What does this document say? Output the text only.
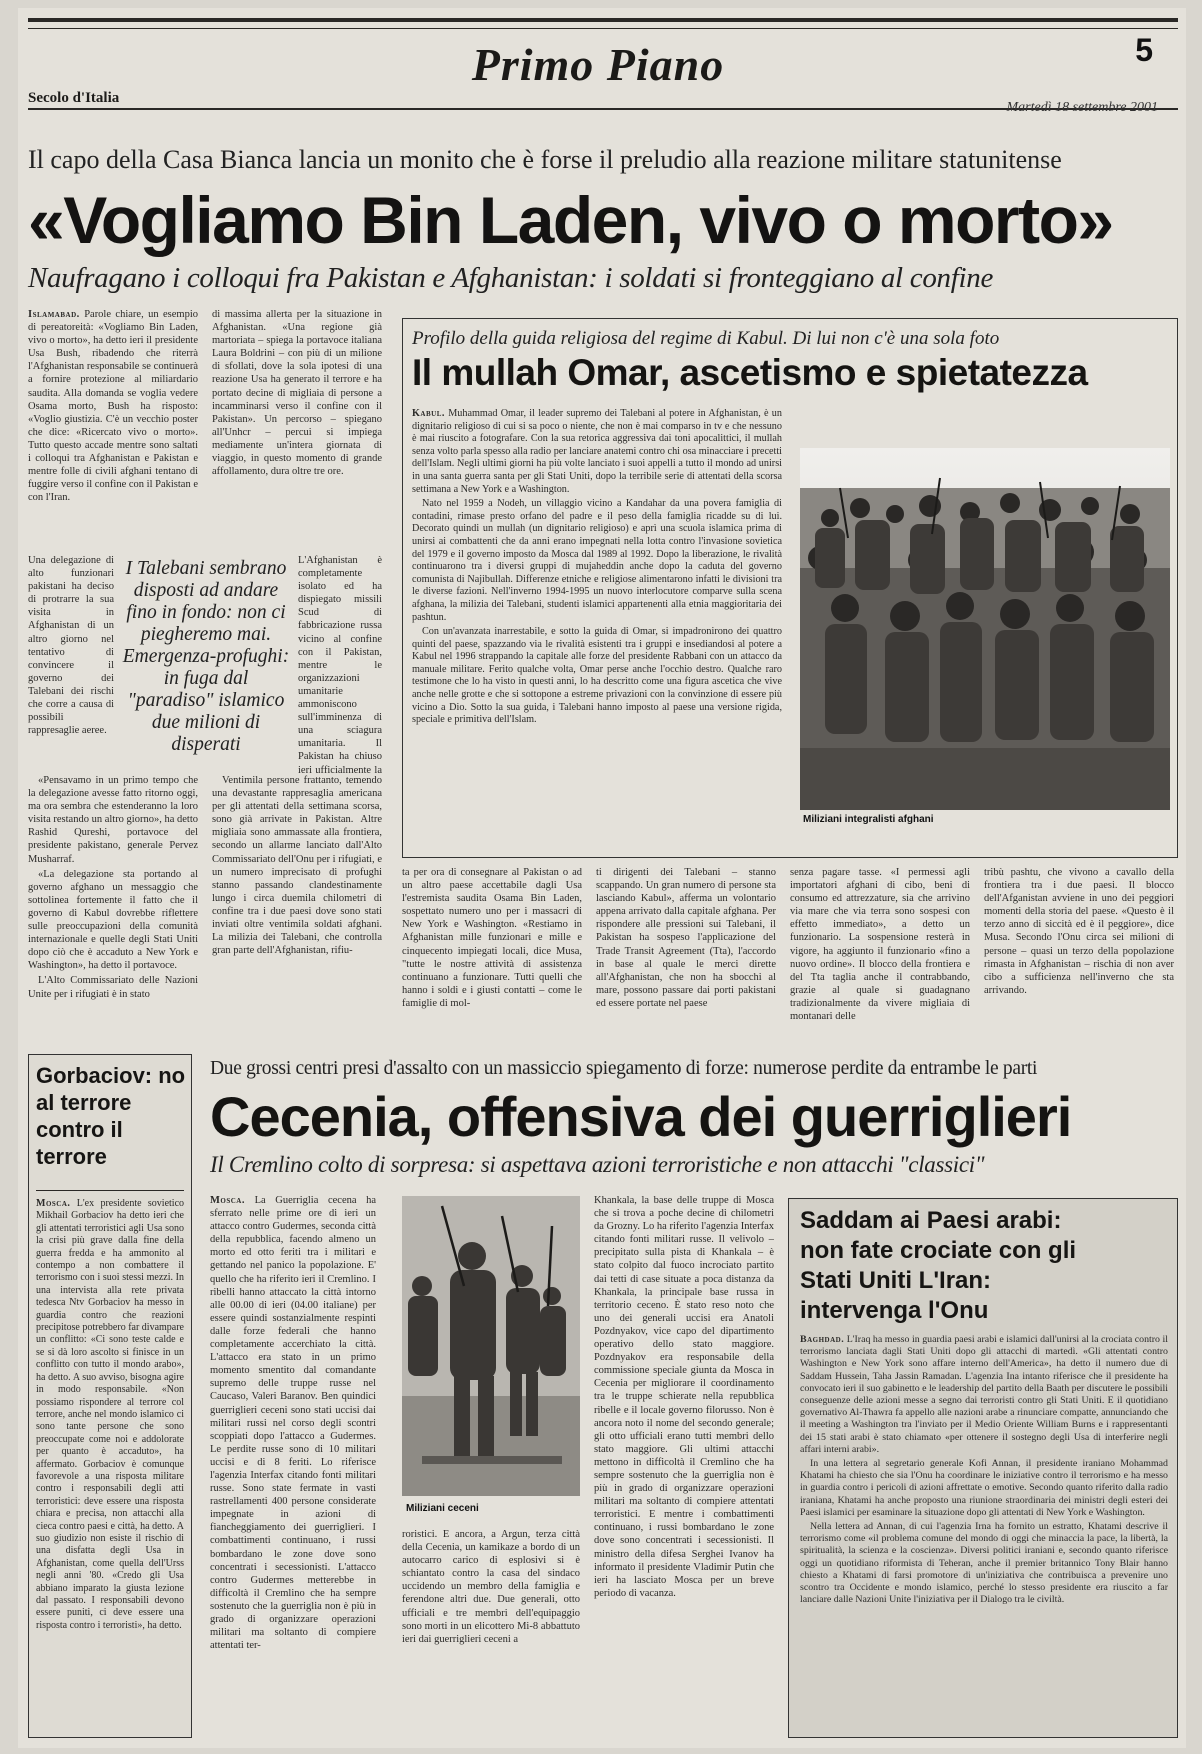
Primo Piano	5
Secolo d'Italia
Martedì 18 settembre 2001
Il capo della Casa Bianca lancia un monito che è forse il preludio alla reazione militare statunitense
«Vogliamo Bin Laden, vivo o morto»
Naufragano i colloqui fra Pakistan e Afghanistan: i soldati si fronteggiano al confine

Islamabad. Parole chiare, un esempio di pereatoreità: «Vogliamo Bin Laden, vivo o morto», ha detto ieri il presidente Usa Bush, ribadendo che riterrà l'Afghanistan responsabile se continuerà a fornire protezione al miliardario saudita. Alla domanda se voglia vedere Osama morto, Bush ha risposto: «Voglio giustizia. C'è un vecchio poster che dice: «Ricercato vivo o morto». Tutto questo accade mentre sono saltati i colloqui tra Afghanistan e Pakistan e mentre folle di civili afghani tentano di fuggire verso il confine con il Pakistan e con l'Iran.

Una delegazione di alto funzionari pakistani ha deciso di protrarre la sua visita in Afghanistan di un altro giorno nel tentativo di convincere il governo dei Talebani dei rischi che corre a causa di possibili rappresaglie aeree.

«Pensavamo in un primo tempo che la delegazione avesse fatto ritorno oggi, ma ora sembra che estenderanno la loro visita restando un altro giorno», ha detto Rashid Qureshi, portavoce del presidente pakistano, generale Pervez Musharraf.

«La delegazione sta portando al governo afghano un messaggio che sottolinea fortemente il fatto che il governo di Kabul dovrebbe riflettere sulle preoccupazioni della comunità internazionale e quelle degli Stati Uniti dopo ciò che è accaduto a New York e Washington», ha detto il portavoce.

L'Alto Commissariato delle Nazioni Unite per i rifugiati è in stato

di massima allerta per la situazione in Afghanistan. «Una regione già martoriata – spiega la portavoce italiana Laura Boldrini – con più di un milione di sfollati, dove la sola ipotesi di una reazione Usa ha generato il terrore e ha portato decine di migliaia di persone a incamminarsi verso il confine con il Pakistan». Un percorso – spiegano all'Unhcr – percui si impiega mediamente un'intera giornata di viaggio, in questo momento di grande affollamento, dura oltre tre ore.

L'Afghanistan è completamente isolato ed ha dispiegato missili Scud di fabbricazione russa vicino al confine con il Pakistan, mentre le organizzazioni umanitarie ammoniscono sull'imminenza di una sciagura umanitaria. Il Pakistan ha chiuso ieri ufficialmente la

Ventimila persone frattanto, temendo una devastante rappresaglia americana per gli attentati della settimana scorsa, sono già arrivate in Pakistan. Altre migliaia sono ammassate alla frontiera, secondo un allarme lanciato dall'Alto Commissariato dell'Onu per i rifugiati, e un numero imprecisato di profughi stanno passando clandestinamente lungo i circa duemila chilometri di confine tra i due paesi dove sono stati inviati oltre ventimila soldati afghani. La milizia dei Talebani, che controlla gran parte dell'Afghanistan, rifiu-

I Talebani sembrano disposti ad andare fino in fondo: non ci piegheremo mai. Emergenza-profughi: in fuga dal "paradiso" islamico due milioni di disperati
Profilo della guida religiosa del regime di Kabul. Di lui non c'è una sola foto
Il mullah Omar, ascetismo e spietatezza

Kabul. Muhammad Omar, il leader supremo dei Talebani al potere in Afghanistan, è un dignitario religioso di cui si sa poco o niente, che non è mai comparso in tv e che nessuno è mai riuscito a fotografare. Con la sua retorica aggressiva dai toni apocalittici, il mullah senza volto parla spesso alla radio per lanciare anatemi contro chi osa minacciare i precetti dell'Islam. Negli ultimi giorni ha più volte lanciato i suoi appelli a tutto il mondo ad unirsi in una santa guerra santa per gli Stati Uniti, dopo la terribile serie di attentati della scorsa settimana a New York e a Washington.

Nato nel 1959 a Nodeh, un villaggio vicino a Kandahar da una povera famiglia di contadini, rimase presto orfano del padre e il peso della famiglia ricadde su di lui. Decorato quindi un mullah (un dignitario religioso) e aprì una scuola islamica prima di unirsi ai combattenti che da anni erano impegnati nella lotta contro l'invasione sovietica del 1979 e il governo imposto da Mosca dal 1989 al 1992. Dopo la liberazione, le rivalità continuarono tra i diversi gruppi di mujaheddin anche dopo la caduta del governo comunista di Najibullah. Differenze etniche e religiose alimentarono infatti le divisioni tra le diverse fazioni. Nell'inverno 1994-1995 un nuovo interlocutore comparve sulla scena afghana, la milizia dei Talebani, studenti islamici appartenenti alla etnia maggioritaria dei pashtun.

Con un'avanzata inarrestabile, e sotto la guida di Omar, si impadronirono dei quattro quinti del paese, spazzando via le rivalità esistenti tra i gruppi e insediandosi al potere a Kabul nel 1996 strappando la capitale alle forze del presidente Rabbani con un attacco da manuale militare. Ferito qualche volta, Omar perse anche l'occhio destro. Qualche raro testimone che lo ha visto in questi anni, lo ha descritto come una figura ascetica che vive anche nelle grotte e che si sottopone a estreme privazioni con la convinzione di essere più vicino a Dio. Sotto la sua guida, i Talebani hanno imposto al paese una versione rigida, speciale e primitiva dell'Islam.

Miliziani integralisti afghani

ta per ora di consegnare al Pakistan o ad un altro paese accettabile dagli Usa l'estremista saudita Osama Bin Laden, sospettato numero uno per i massacri di New York e Washington. «Restiamo in Afghanistan mille funzionari e mille e cinquecento impiegati locali, dice Musa, "tutte le nostre attività di assistenza continuano a funzionare. Tutti quelli che hanno i soldi e i giusti contatti – come le famiglie di mol-

ti dirigenti dei Talebani – stanno scappando. Un gran numero di persone sta lasciando Kabul», afferma un volontario appena arrivato dalla capitale afghana. Per rispondere alle pressioni sui Talebani, il Pakistan ha sospeso l'applicazione del Trade Transit Agreement (Tta), l'accordo in base al quale le merci dirette all'Afghanistan, che non ha sbocchi al mare, possono passare dai porti pakistani ed essere portate nel paese

senza pagare tasse. «I permessi agli importatori afghani di cibo, beni di consumo ed attrezzature, sia che arrivino via mare che via terra sono sospesi con effetto immediato», a detto un funzionario. La sospensione resterà in vigore, ha aggiunto il funzionario «fino a nuovo ordine». Il blocco della frontiera e del Tta taglia anche il contrabbando, grazie al quale si guadagnano tradizionalmente da vivere migliaia di montanari delle

tribù pashtu, che vivono a cavallo della frontiera tra i due paesi. Il blocco dell'Afganistan avviene in uno dei peggiori momenti della storia del paese. «Questo è il terzo anno di siccità ed è il peggiore», dice Musa. Secondo l'Onu circa sei milioni di persone – quasi un terzo della popolazione rimasta in Afghanistan – rischia di non aver cibo a sufficienza nell'inverno che sta arrivando.

Gorbaciov: no al terrore contro il terrore

Mosca. L'ex presidente sovietico Mikhail Gorbaciov ha detto ieri che gli attentati terroristici agli Usa sono la crisi più grave dalla fine della guerra fredda e ha ammonito al contempo a non combattere il terrorismo con i suoi stessi mezzi. In una intervista alla rete privata tedesca Ntv Gorbaciov ha messo in guardia contro che reazioni precipitose potrebbero far divampare un conflitto: «Ci sono teste calde e se si dà loro ascolto si finisce in un conflitto con tutto il mondo arabo», ha detto. A suo avviso, bisogna agire in modo responsabile. «Non possiamo rispondere al terrore col terrore, anche nel mondo islamico ci sono tante persone che sono preoccupate come noi e addolorate per quanto è accaduto», ha affermato. Gorbaciov è comunque favorevole a una risposta militare contro i responsabili degli atti terroristici: deve essere una risposta chiara e precisa, non attacchi alla cieca contro paesi e città, ha detto. A suo giudizio non esiste il rischio di una disfatta degli Usa in Afghanistan, come quella dell'Urss negli anni '80. «Credo gli Usa abbiano imparato la giusta lezione dal passato. I responsabili devono essere puniti, ci deve essere una risposta contro i terroristi», ha detto.

Due grossi centri presi d'assalto con un massiccio spiegamento di forze: numerose perdite da entrambe le parti
Cecenia, offensiva dei guerriglieri
Il Cremlino colto di sorpresa: si aspettava azioni terroristiche e non attacchi "classici"

Mosca. La Guerriglia cecena ha sferrato nelle prime ore di ieri un attacco contro Gudermes, seconda città della repubblica, facendo almeno un morto ed otto feriti tra i militari e gettando nel panico la popolazione. E' quello che ha riferito ieri il Cremlino. I ribelli hanno attaccato la città intorno alle 00.00 di ieri (04.00 italiane) per essere quindi sostanzialmente respinti dalle forze federali che hanno completamente accerchiato la città. L'attacco era stato in un primo momento smentito dal comandante supremo delle truppe russe nel Caucaso, Valeri Baranov. Ben quindici guerriglieri ceceni sono stati uccisi dai militari russi nel corso degli scontri scoppiati dopo l'attacco a Gudermes. Le perdite russe sono di 10 militari uccisi e di 8 feriti. Lo riferisce l'agenzia Interfax citando fonti militari russe. Sono state fermate in vasti rastrellamenti 400 persone considerate impegnate in azioni di fiancheggiamento dei guerriglieri. I combattimenti continuano, i russi bombardano le zone dove sono concentrati i secessionisti. L'attacco contro Gudermes metterebbe in difficoltà il Cremlino che ha sempre sostenuto che la guerriglia non è più in grado di organizzare operazioni militari ma soltanto di compiere attentati ter-

Miliziani ceceni

roristici. E ancora, a Argun, terza città della Cecenia, un kamikaze a bordo di un autocarro carico di esplosivi si è schiantato contro la casa del sindaco uccidendo un membro della famiglia e ferendone altri due. Due generali, otto ufficiali e tre membri dell'equipaggio sono morti in un elicottero Mi-8 abbattuto ieri dai guerriglieri ceceni a

Khankala, la base delle truppe di Mosca che si trova a poche decine di chilometri da Grozny. Lo ha riferito l'agenzia Interfax citando fonti militari russe. Il velivolo – precipitato sulla pista di Khankala – è stato colpito dal fuoco incrociato partito dai tetti di case situate a poca distanza da Khankala, la principale base russa in territorio ceceno. È stato reso noto che uno dei generali uccisi era Anatoli Pozdnyakov, vice capo del dipartimento operativo dello stato maggiore. Pozdnyakov era responsabile della commissione speciale giunta da Mosca in Cecenia per migliorare il coordinamento tra le truppe schierate nella repubblica ribelle e il locale governo filorusso. Non è ancora noto il nome del secondo generale; gli otto ufficiali erano tutti membri dello stato maggiore. Gli ultimi attacchi mettono in difficoltà il Cremlino che ha sempre sostenuto che la guerriglia non è più in grado di organizzare operazioni militari ma soltanto di compiere attentati terroristici. E mentre i combattimenti continuano, i russi bombardano le zone dove sono concentrati i secessionisti. Il ministro della difesa Serghei Ivanov ha informato il presidente Vladimir Putin che ieri ha lasciato Mosca per un breve periodo di vacanza.

Saddam ai Paesi arabi: non fate crociate con gli Stati Uniti L'Iran: intervenga l'Onu

Baghdad. L'Iraq ha messo in guardia paesi arabi e islamici dall'unirsi al la crociata contro il terrorismo lanciata dagli Stati Uniti dopo gli attacchi di martedì. «Gli attentati contro Washington e New York sono affare interno dell'America», ha detto il numero due di Saddam Hussein, Taha Jassin Ramadan. L'agenzia Ina intanto riferisce che il presidente ha convocato ieri il suo gabinetto e le leadership del partito della Baath per discutere le possibili conseguenze delle azioni messe a segno dai terroristi contro gli Stati Uniti. E il quotidiano governativo Al-Thawra fa appello alle nazioni arabe a rinunciare compatte, annunciando che il meeting a Washington tra l'inviato per il Medio Oriente William Burns e i rappresentanti dei 15 stati arabi è stato chiamato «per ottenere il sostegno degli Usa di interferire negli affari interni arabi».

In una lettera al segretario generale Kofi Annan, il presidente iraniano Mohammad Khatami ha chiesto che sia l'Onu ha coordinare le iniziative contro il terrorismo e ha messo in guardia contro i pericoli di azioni affrettate o emotive. Secondo quanto riferito dalla radio iraniana, Khatami ha anche proposto una riunione straordinaria dei ministri degli esteri dei Paesi islamici per esaminare la situazione dopo gli attentati di New York e Washington.

Nella lettera ad Annan, di cui l'agenzia Irna ha fornito un estratto, Khatami descrive il terrorismo come «il problema comune del mondo di oggi che minaccia la pace, la libertà, la spiritualità, la scienza e la coscienza». Diversi politici iraniani e, secondo quanto riferisce oggi un quotidiano riformista di Teheran, anche il premier britannico Tony Blair hanno chiesto a Khatami di farsi promotore di un'iniziativa che contribuisca a prevenire uno scontro tra Occidente e mondo islamico, perché lo stesso presidente era riuscito a far lanciare dalle Nazioni Unite l'iniziativa per il Dialogo tra le civiltà.
